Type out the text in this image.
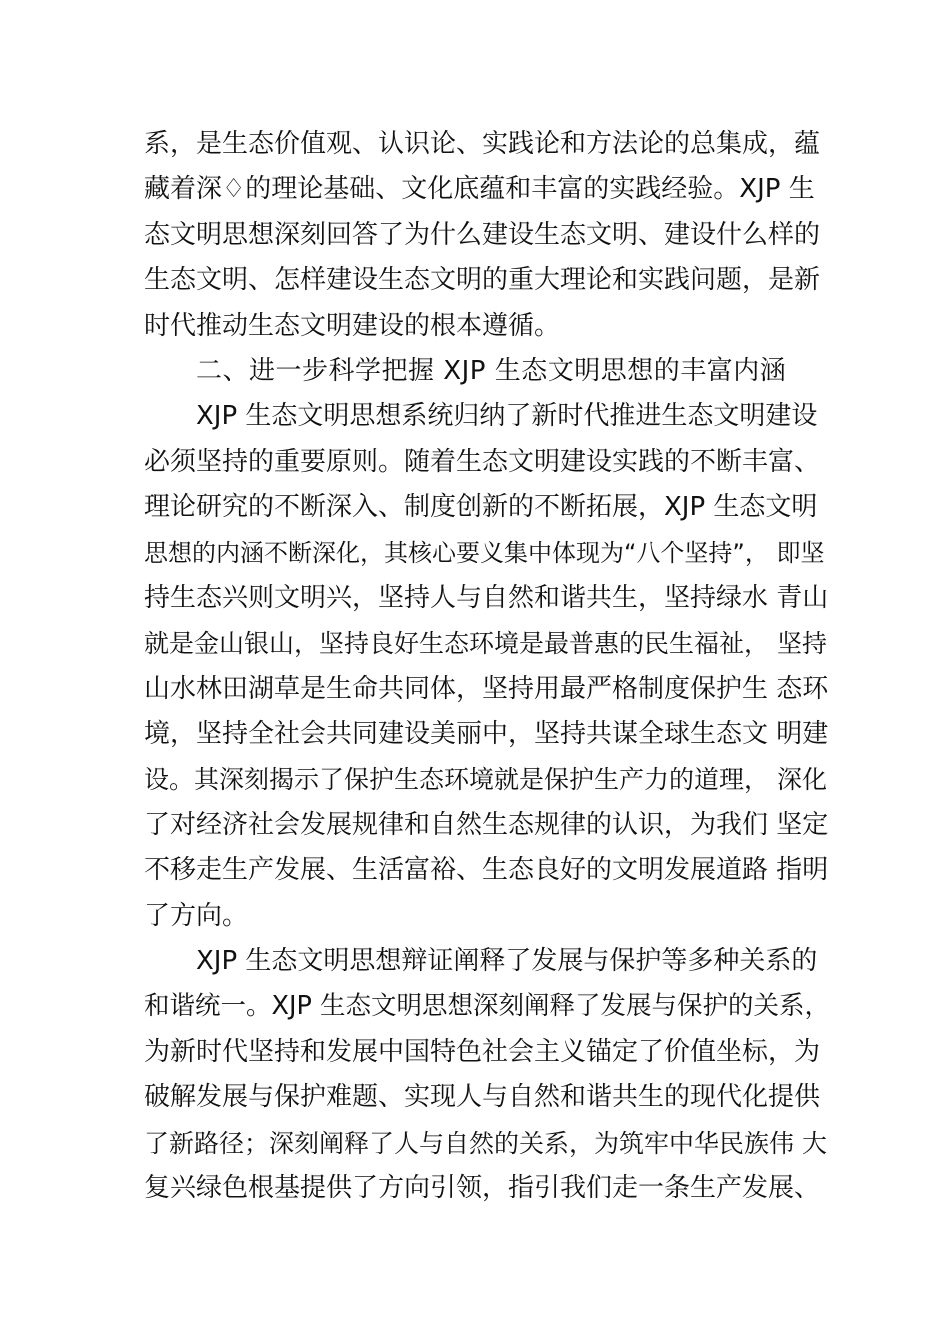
系，是生态价值观、认识论、实践论和方法论的总集成，蕴
藏着深♢的理论基础、文化底蕴和丰富的实践经验。XJP 生
态文明思想深刻回答了为什么建设生态文明、建设什么样的
生态文明、怎样建设生态文明的重大理论和实践问题，是新
时代推动生态文明建设的根本遵循。
二、进一步科学把握 XJP 生态文明思想的丰富内涵
XJP 生态文明思想系统归纳了新时代推进生态文明建设
必须坚持的重要原则。随着生态文明建设实践的不断丰富、
理论研究的不断深入、制度创新的不断拓展，XJP 生态文明
思想的内涵不断深化，其核心要义集中体现为“八个坚持”， 即坚
持生态兴则文明兴，坚持人与自然和谐共生，坚持绿水 青山
就是金山银山，坚持良好生态环境是最普惠的民生福祉， 坚持
山水林田湖草是生命共同体，坚持用最严格制度保护生 态环
境，坚持全社会共同建设美丽中，坚持共谋全球生态文 明建
设。其深刻揭示了保护生态环境就是保护生产力的道理， 深化
了对经济社会发展规律和自然生态规律的认识，为我们 坚定
不移走生产发展、生活富裕、生态良好的文明发展道路 指明
了方向。
XJP 生态文明思想辩证阐释了发展与保护等多种关系的
和谐统一。XJP 生态文明思想深刻阐释了发展与保护的关系，
为新时代坚持和发展中国特色社会主义锚定了价值坐标，为
破解发展与保护难题、实现人与自然和谐共生的现代化提供
了新路径；深刻阐释了人与自然的关系，为筑牢中华民族伟 大
复兴绿色根基提供了方向引领，指引我们走一条生产发展、
